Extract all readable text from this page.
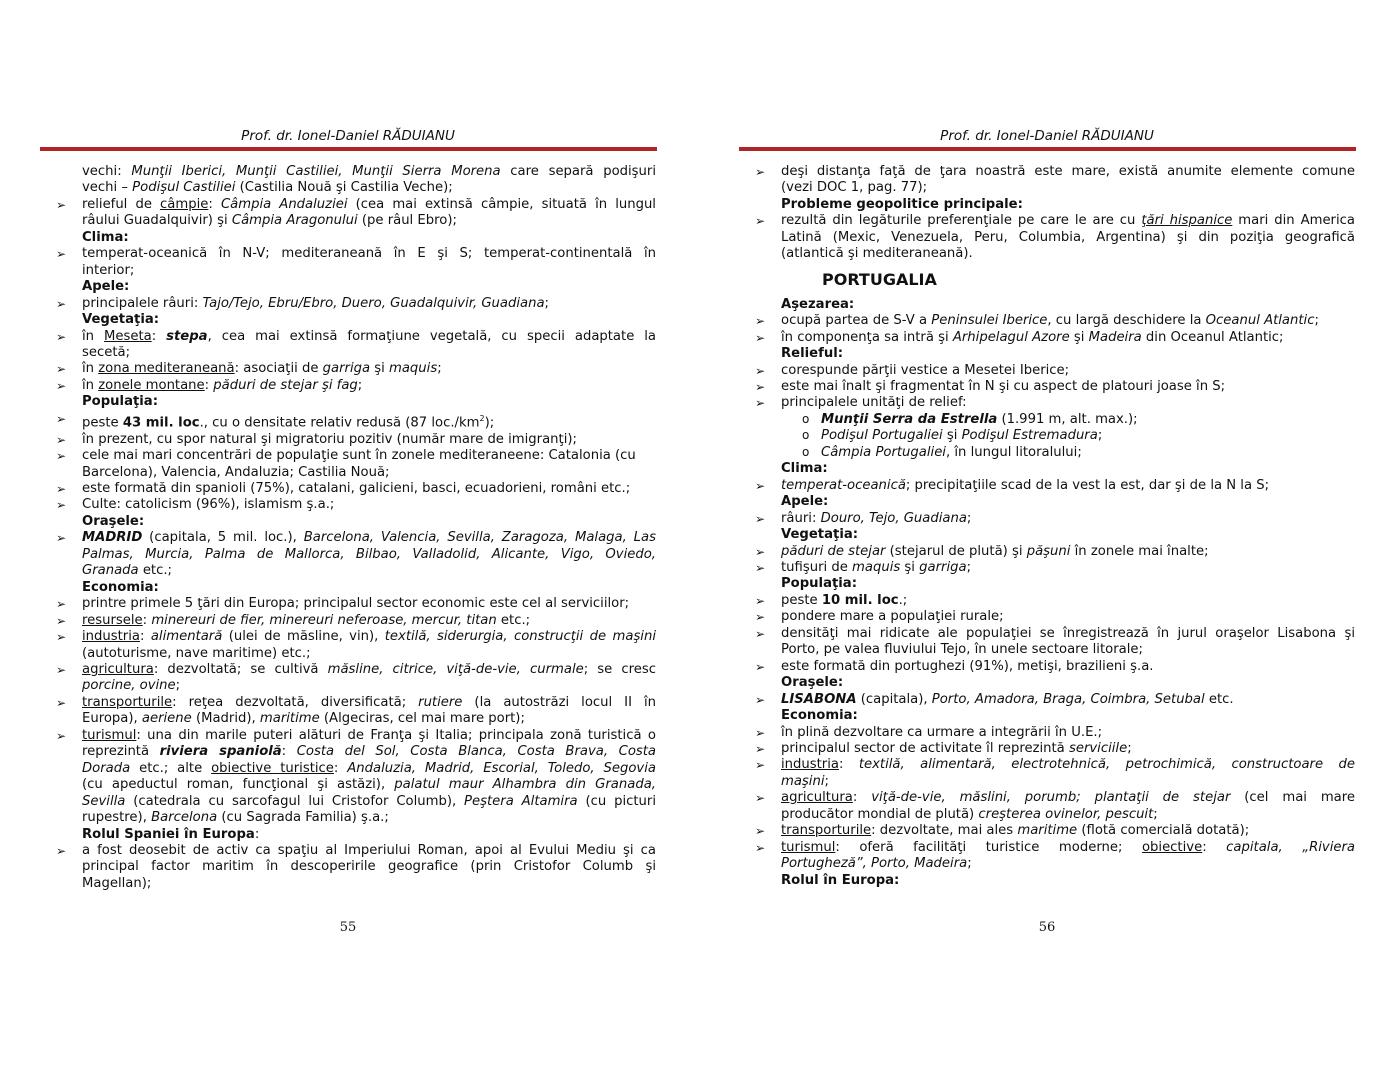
Prof. dr. Ionel-Daniel RĂDUIANU
vechi: Munţii Iberici, Munţii Castiliei, Munţii Sierra Morena care separă podişuri
vechi – Podişul Castiliei (Castilia Nouă şi Castilia Veche);
➢ relieful de câmpie: Câmpia Andaluziei (cea mai extinsă câmpie, situată în lungul
râului Guadalquivir) şi Câmpia Aragonului (pe râul Ebro);
Clima:
➢ temperat-oceanică în N-V; mediteraneană în E şi S; temperat-continentală în
interior;
Apele:
➢ principalele râuri: Tajo/Tejo, Ebru/Ebro, Duero, Guadalquivir, Guadiana;
Vegetaţia:
➢ în Meseta: stepa, cea mai extinsă formaţiune vegetală, cu specii adaptate la
secetă;
➢ în zona mediteraneană: asociaţii de garriga şi maquis;
➢ în zonele montane: păduri de stejar şi fag;
Populaţia:
➢ peste 43 mil. loc., cu o densitate relativ redusă (87 $loc./km^2$);
➢ în prezent, cu spor natural şi migratoriu pozitiv (număr mare de imigranţi);
➢ cele mai mari concentrări de populaţie sunt în zonele mediteraneene: Catalonia (cu
Barcelona), Valencia, Andaluzia; Castilia Nouă;
➢ este formată din spanioli (75%), catalani, galicieni, basci, ecuadorieni, români etc.;
➢ Culte: catolicism (96%), islamism ş.a.;
Oraşele:
➢ MADRID (capitala, 5 mil. loc.), Barcelona, Valencia, Sevilla, Zaragoza, Malaga, Las
Palmas, Murcia, Palma de Mallorca, Bilbao, Valladolid, Alicante, Vigo, Oviedo,
Granada etc.;
Economia:
➢ printre primele 5 ţări din Europa; principalul sector economic este cel al serviciilor;
➢ resursele: minereuri de fier, minereuri neferoase, mercur, titan etc.;
➢ industria: alimentară (ulei de măsline, vin), textilă, siderurgia, construcţii de maşini
(autoturisme, nave maritime) etc.;
➢ agricultura: dezvoltată; se cultivă măsline, citrice, viţă-de-vie, curmale; se cresc
porcine, ovine;
➢ transporturile: reţea dezvoltată, diversificată; rutiere (la autostrăzi locul II în
Europa), aeriene (Madrid), maritime (Algeciras, cel mai mare port);
➢ turismul: una din marile puteri alături de Franţa şi Italia; principala zonă turistică o
reprezintă riviera spaniolă: Costa del Sol, Costa Blanca, Costa Brava, Costa
Dorada etc.; alte obiective turistice: Andaluzia, Madrid, Escorial, Toledo, Segovia
(cu apeductul roman, funcţional şi astăzi), palatul maur Alhambra din Granada,
Sevilla (catedrala cu sarcofagul lui Cristofor Columb), Peştera Altamira (cu picturi
rupestre), Barcelona (cu Sagrada Familia) ş.a.;
Rolul Spaniei în Europa:
➢ a fost deosebit de activ ca spaţiu al Imperiului Roman, apoi al Evului Mediu şi ca
principal factor maritim în descoperirile geografice (prin Cristofor Columb şi
Magellan);
55
Prof. dr. Ionel-Daniel RĂDUIANU
➢ deşi distanţa faţă de ţara noastră este mare, există anumite elemente comune
(vezi DOC 1, pag. 77);
Probleme geopolitice principale:
➢ rezultă din legăturile preferenţiale pe care le are cu ţări hispanice mari din America
Latină (Mexic, Venezuela, Peru, Columbia, Argentina) şi din poziţia geografică
(atlantică şi mediteraneană).
PORTUGALIA
Aşezarea:
➢ ocupă partea de S-V a Peninsulei Iberice, cu largă deschidere la Oceanul Atlantic;
➢ în componenţa sa intră şi Arhipelagul Azore şi Madeira din Oceanul Atlantic;
Relieful:
➢ corespunde părţii vestice a Mesetei Iberice;
➢ este mai înalt şi fragmentat în N şi cu aspect de platouri joase în S;
➢ principalele unităţi de relief:
o Munţii Serra da Estrella (1.991 m, alt. max.);
o Podişul Portugaliei şi Podişul Estremadura;
o Câmpia Portugaliei, în lungul litoralului;
Clima:
➢ temperat-oceanică; precipitaţiile scad de la vest la est, dar şi de la N la S;
Apele:
➢ râuri: Douro, Tejo, Guadiana;
Vegetaţia:
➢ păduri de stejar (stejarul de plută) şi păşuni în zonele mai înalte;
➢ tufişuri de maquis şi garriga;
Populaţia:
➢ peste 10 mil. loc.;
➢ pondere mare a populaţiei rurale;
➢ densităţi mai ridicate ale populaţiei se înregistrează în jurul oraşelor Lisabona şi
Porto, pe valea fluviului Tejo, în unele sectoare litorale;
➢ este formată din portughezi (91%), metişi, brazilieni ş.a.
Oraşele:
➢ LISABONA (capitala), Porto, Amadora, Braga, Coimbra, Setubal etc.
Economia:
➢ în plină dezvoltare ca urmare a integrării în U.E.;
➢ principalul sector de activitate îl reprezintă serviciile;
➢ industria: textilă, alimentară, electrotehnică, petrochimică, constructoare de
maşini;
➢ agricultura: viţă-de-vie, măslini, porumb; plantaţii de stejar (cel mai mare
producător mondial de plută) creşterea ovinelor, pescuit;
➢ transporturile: dezvoltate, mai ales maritime (flotă comercială dotată);
➢ turismul: oferă facilităţi turistice moderne; obiective: capitala, „Riviera
Portugheză”, Porto, Madeira;
Rolul în Europa:
56
